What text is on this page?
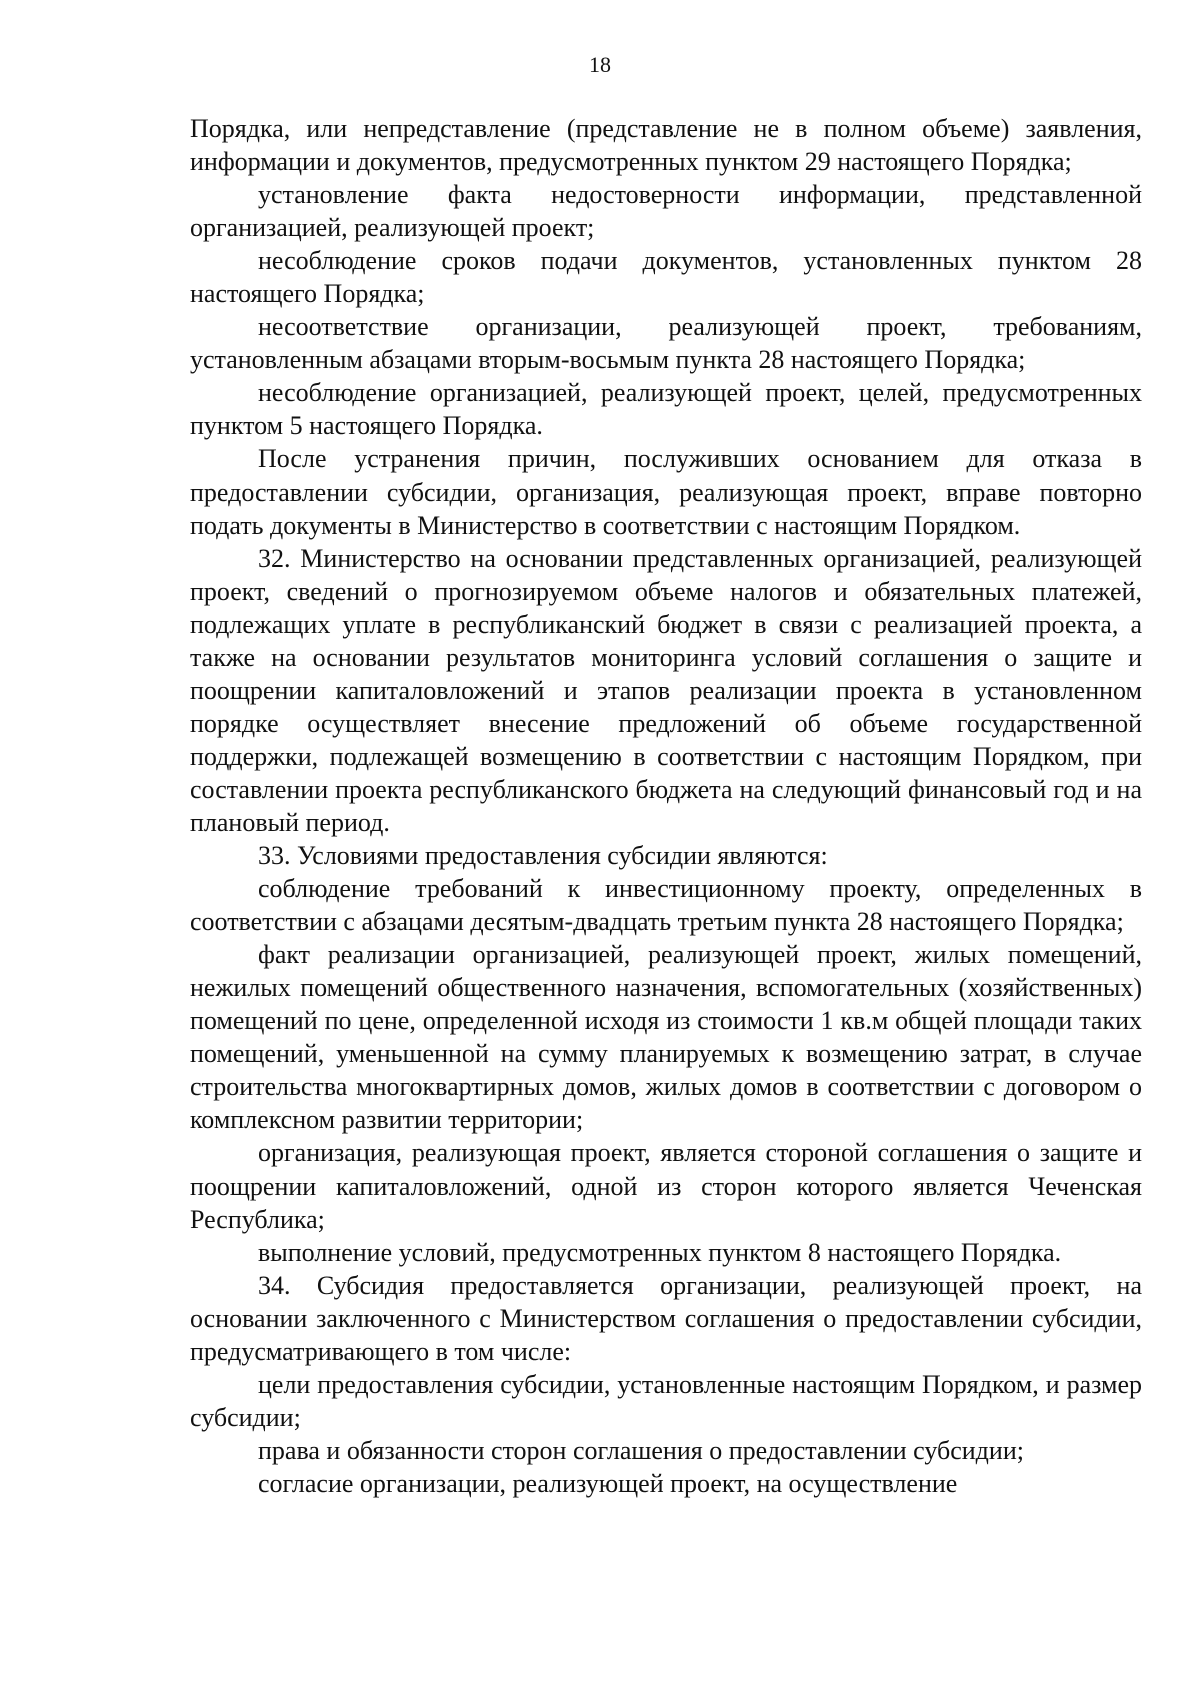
18

Порядка, или непредставление (представление не в полном объеме) заявления, информации и документов, предусмотренных пунктом 29 настоящего Порядка;

установление факта недостоверности информации, представленной организацией, реализующей проект;

несоблюдение сроков подачи документов, установленных пунктом 28 настоящего Порядка;

несоответствие организации, реализующей проект, требованиям, установленным абзацами вторым-восьмым пункта 28 настоящего Порядка;

несоблюдение организацией, реализующей проект, целей, предусмотренных пунктом 5 настоящего Порядка.

После устранения причин, послуживших основанием для отказа в предоставлении субсидии, организация, реализующая проект, вправе повторно подать документы в Министерство в соответствии с настоящим Порядком.

32. Министерство на основании представленных организацией, реализующей проект, сведений о прогнозируемом объеме налогов и обязательных платежей, подлежащих уплате в республиканский бюджет в связи с реализацией проекта, а также на основании результатов мониторинга условий соглашения о защите и поощрении капиталовложений и этапов реализации проекта в установленном порядке осуществляет внесение предложений об объеме государственной поддержки, подлежащей возмещению в соответствии с настоящим Порядком, при составлении проекта республиканского бюджета на следующий финансовый год и на плановый период.

33. Условиями предоставления субсидии являются:

соблюдение требований к инвестиционному проекту, определенных в соответствии с абзацами десятым-двадцать третьим пункта 28 настоящего Порядка;

факт реализации организацией, реализующей проект, жилых помещений, нежилых помещений общественного назначения, вспомогательных (хозяйственных) помещений по цене, определенной исходя из стоимости 1 кв.м общей площади таких помещений, уменьшенной на сумму планируемых к возмещению затрат, в случае строительства многоквартирных домов, жилых домов в соответствии с договором о комплексном развитии территории;

организация, реализующая проект, является стороной соглашения о защите и поощрении капиталовложений, одной из сторон которого является Чеченская Республика;

выполнение условий, предусмотренных пунктом 8 настоящего Порядка.

34. Субсидия предоставляется организации, реализующей проект, на основании заключенного с Министерством соглашения о предоставлении субсидии, предусматривающего в том числе:

цели предоставления субсидии, установленные настоящим Порядком, и размер субсидии;

права и обязанности сторон соглашения о предоставлении субсидии;

согласие организации, реализующей проект, на осуществление
